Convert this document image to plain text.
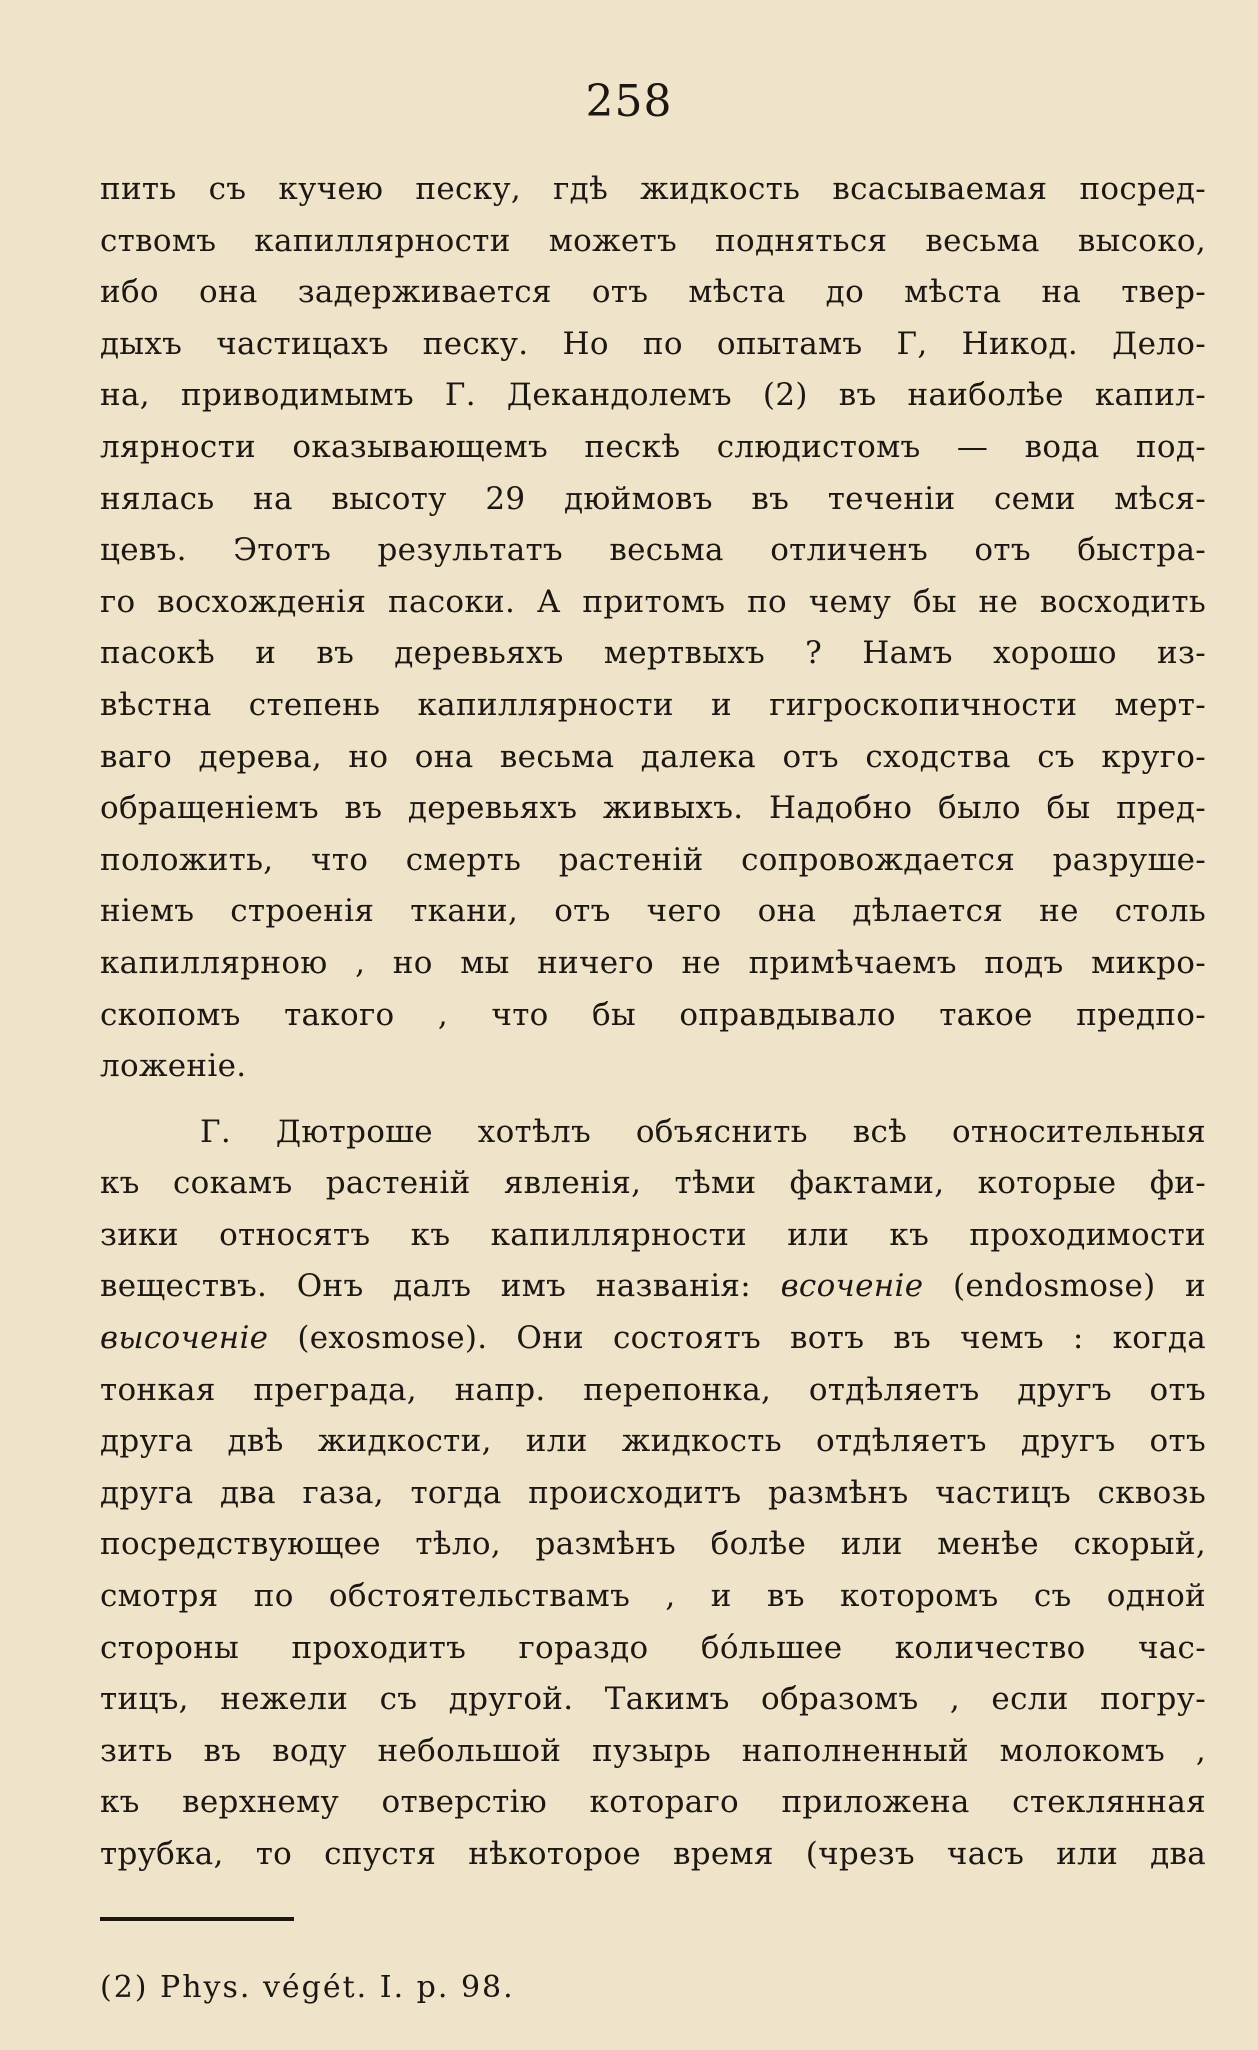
258
пить съ кучею песку, гдѣ жидкость всасываемая посред-
ствомъ капиллярности можетъ подняться весьма высоко,
ибо она задерживается отъ мѣста до мѣста на твер-
дыхъ частицахъ песку. Но по опытамъ Г, Никод. Дело-
на, приводимымъ Г. Декандолемъ (2) въ наиболѣе капил-
лярности оказывающемъ пескѣ слюдистомъ — вода под-
нялась на высоту 29 дюймовъ въ теченіи семи мѣся-
цевъ. Этотъ результатъ весьма отличенъ отъ быстра-
го восхожденія пасоки. А притомъ по чему бы не восходить
пасокѣ и въ деревьяхъ мертвыхъ ? Намъ хорошо из-
вѣстна степень капиллярности и гигроскопичности мерт-
ваго дерева, но она весьма далека отъ сходства съ круго-
обращеніемъ въ деревьяхъ живыхъ. Надобно было бы пред-
положить, что смерть растеній сопровождается разруше-
ніемъ строенія ткани, отъ чего она дѣлается не столь
капиллярною , но мы ничего не примѣчаемъ подъ микро-
скопомъ такого , что бы оправдывало такое предпо-
ложеніе.
Г. Дютроше хотѣлъ объяснить всѣ относительныя
къ сокамъ растеній явленія, тѣми фактами, которые фи-
зики относятъ къ капиллярности или къ проходимости
веществъ. Онъ далъ имъ названія: всоченіе (endosmose) и
высоченіе (exosmose). Они состоятъ вотъ въ чемъ : когда
тонкая преграда, напр. перепонка, отдѣляетъ другъ отъ
друга двѣ жидкости, или жидкость отдѣляетъ другъ отъ
друга два газа, тогда происходитъ размѣнъ частицъ сквозь
посредствующее тѣло, размѣнъ болѣе или менѣе скорый,
смотря по обстоятельствамъ , и въ которомъ съ одной
стороны проходитъ гораздо бо́льшее количество час-
тицъ, нежели съ другой. Такимъ образомъ , если погру-
зить въ воду небольшой пузырь наполненный молокомъ ,
къ верхнему отверстію котораго приложена стеклянная
трубка, то спустя нѣкоторое время (чрезъ часъ или два
(2) Phys. végét. I. p. 98.
